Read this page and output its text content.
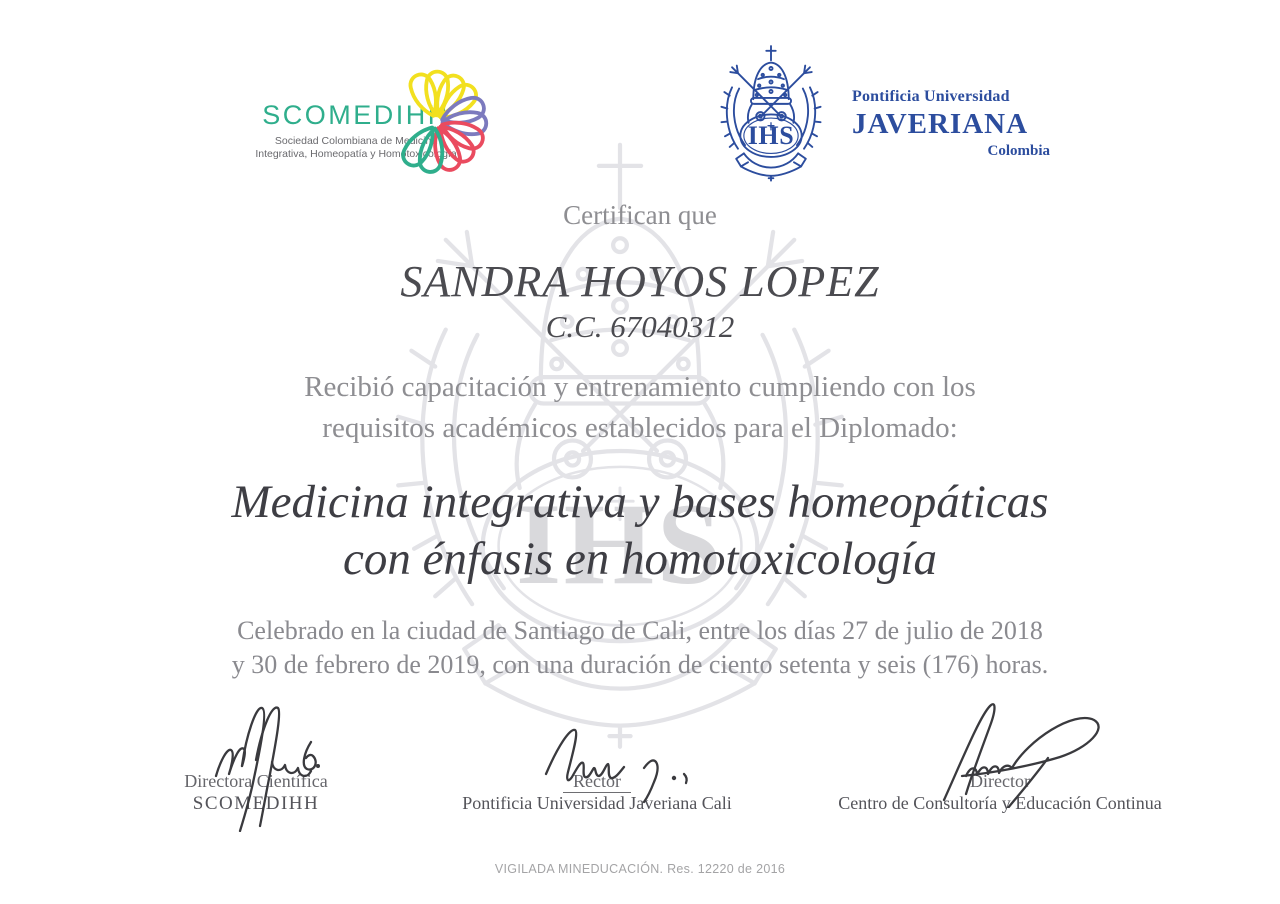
SCOMEDIHH
Sociedad Colombiana de Medicina
Integrativa, Homeopatía y Homotoxicología
Pontificia Universidad
JAVERIANA
Colombia
Certifican que
SANDRA HOYOS LOPEZ
C.C. 67040312
Recibió capacitación y entrenamiento cumpliendo con los
requisitos académicos establecidos para el Diplomado:
Medicina integrativa y bases homeopáticas
con énfasis en homotoxicología
Celebrado en la ciudad de Santiago de Cali, entre los días 27 de julio de 2018
y 30 de febrero de 2019, con una duración de ciento setenta y seis (176) horas.
Directora Científica
SCOMEDIHH
Rector
Pontificia Universidad Javeriana Cali
Director
Centro de Consultoría y Educación Continua
VIGILADA MINEDUCACIÓN. Res. 12220 de 2016
